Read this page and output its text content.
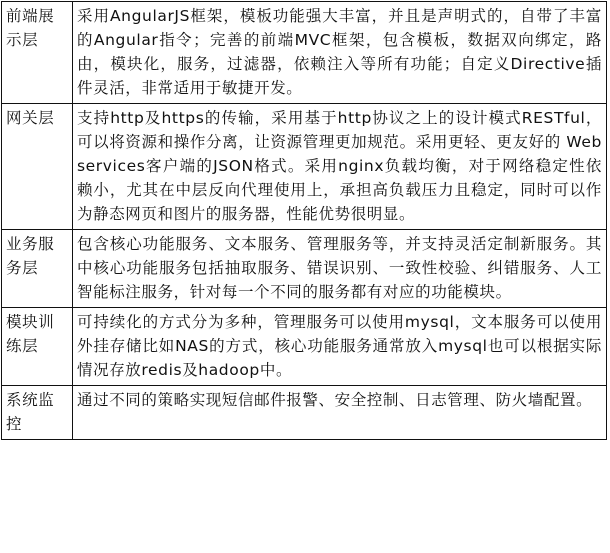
前端展示层	采用AngularJS框架，模板功能强大丰富，并且是声明式的，自带了丰富的Angular指令；完善的前端MVC框架，包含模板，数据双向绑定，路由，模块化，服务，过滤器，依赖注入等所有功能；自定义Directive插件灵活，非常适用于敏捷开发。
网关层	支持http及https的传输，采用基于http协议之上的设计模式RESTful，可以将资源和操作分离，让资源管理更加规范。采用更轻、更友好的 Web services客户端的JSON格式。采用nginx负载均衡，对于网络稳定性依赖小，尤其在中层反向代理使用上，承担高负载压力且稳定，同时可以作为静态网页和图片的服务器，性能优势很明显。
业务服务层	包含核心功能服务、文本服务、管理服务等，并支持灵活定制新服务。其中核心功能服务包括抽取服务、错误识别、一致性校验、纠错服务、人工智能标注服务，针对每一个不同的服务都有对应的功能模块。
模块训练层	可持续化的方式分为多种，管理服务可以使用mysql，文本服务可以使用外挂存储比如NAS的方式，核心功能服务通常放入mysql也可以根据实际情况存放redis及hadoop中。
系统监控	通过不同的策略实现短信邮件报警、安全控制、日志管理、防火墙配置。
